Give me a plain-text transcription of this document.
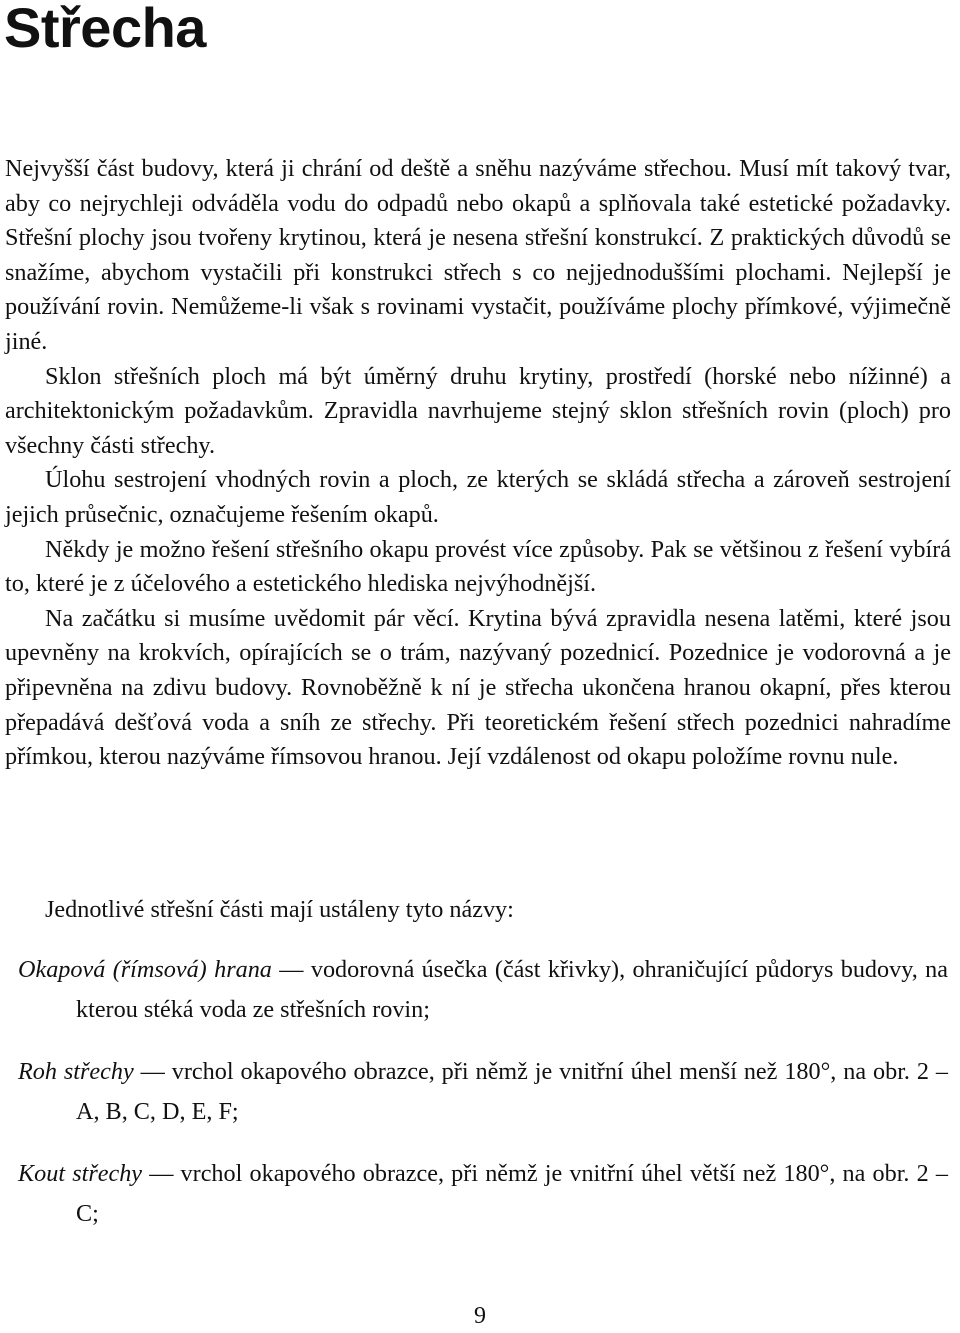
Střecha

Nejvyšší část budovy, která ji chrání od deště a sněhu nazýváme střechou. Musí mít takový tvar, aby co nejrychleji odváděla vodu do odpadů nebo okapů a splňovala také estetické požadavky. Střešní plochy jsou tvořeny krytinou, která je nesena střešní konstrukcí. Z praktických důvodů se snažíme, abychom vystačili při konstrukci střech s co nejjednoduššími plochami. Nejlepší je používání rovin. Nemůžeme-li však s rovinami vystačit, používáme plochy přímkové, výjimečně jiné.

Sklon střešních ploch má být úměrný druhu krytiny, prostředí (horské nebo nížinné) a architektonickým požadavkům. Zpravidla navrhujeme stejný sklon střešních rovin (ploch) pro všechny části střechy.

Úlohu sestrojení vhodných rovin a ploch, ze kterých se skládá střecha a zároveň sestrojení jejich průsečnic, označujeme řešením okapů.

Někdy je možno řešení střešního okapu provést více způsoby. Pak se většinou z řešení vybírá to, které je z účelového a estetického hlediska nejvýhodnější.

Na začátku si musíme uvědomit pár věcí. Krytina bývá zpravidla nesena latěmi, které jsou upevněny na krokvích, opírajících se o trám, nazývaný pozednicí. Pozednice je vodorovná a je připevněna na zdivu budovy. Rovnoběžně k ní je střecha ukončena hranou okapní, přes kterou přepadává dešťová voda a sníh ze střechy. Při teoretickém řešení střech pozednici nahradíme přímkou, kterou nazýváme římsovou hranou. Její vzdálenost od okapu položíme rovnu nule.

Jednotlivé střešní části mají ustáleny tyto názvy:

Okapová (římsová) hrana — vodorovná úsečka (část křivky), ohraničující půdorys budovy, na kterou stéká voda ze střešních rovin;

Roh střechy — vrchol okapového obrazce, při němž je vnitřní úhel menší než 180°, na obr. 2 – A, B, C, D, E, F;

Kout střechy — vrchol okapového obrazce, při němž je vnitřní úhel větší než 180°, na obr. 2 – C;

9
